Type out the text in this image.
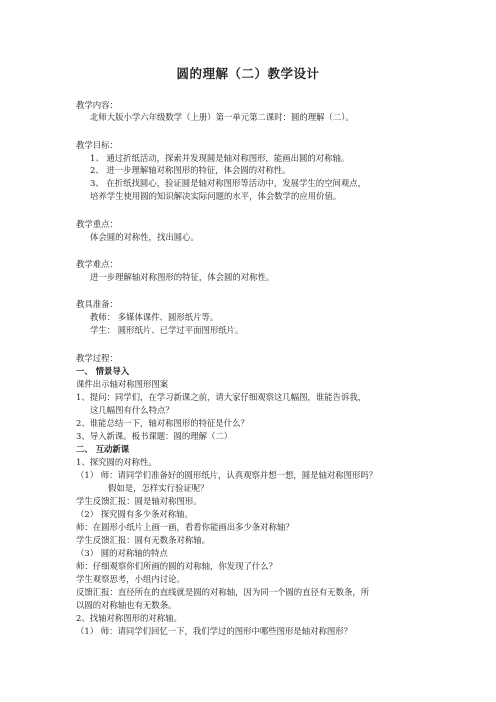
圆的理解（二）教学设计
教学内容：
北师大版小学六年级数学（上册）第一单元第二课时：圆的理解（二）。
教学目标：
1、 通过折纸活动，探索并发现圆是轴对称图形，能画出圆的对称轴。
2、 进一步理解轴对称图形的特征，体会圆的对称性。
3、 在折纸找圆心，验证圆是轴对称图形等活动中，发展学生的空间观点，
培养学生使用圆的知识解决实际问题的水平，体会数学的应用价值。
教学重点：
体会圆的对称性，找出圆心。
教学难点：
进一步理解轴对称图形的特征，体会圆的对称性。
教具准备：
教师： 多媒体课件、圆形纸片等。
学生： 圆形纸片、已学过平面图形纸片。
教学过程：
一、 情景导入
课件出示轴对称图形图案
1、提问：同学们，在学习新课之前，请大家仔细观察这几幅图，谁能告诉我，
这几幅图有什么特点？
2、谁能总结一下，轴对称图形的特征是什么？
3、导入新课。板书课题：圆的理解（二）
二、 互动新课
1、探究圆的对称性。
（1） 师：请同学们准备好的圆形纸片，认真观察并想一想，圆是轴对称图形吗？
假如是，怎样实行验证呢？
学生反馈汇报：圆是轴对称图形。
（2） 探究圆有多少条对称轴。
师：在圆形小纸片上画一画，看看你能画出多少条对称轴？
学生反馈汇报：圆有无数条对称轴。
（3） 圆的对称轴的特点
师：仔细观察你们所画的圆的对称轴，你发现了什么？
学生观察思考，小组内讨论。
反馈汇报：直径所在的直线就是圆的对称轴，因为同一个圆的直径有无数条，所
以圆的对称轴也有无数条。
2、找轴对称图形的对称轴。
（1） 师：请同学们回忆一下，我们学过的图形中哪些图形是轴对称图形？
